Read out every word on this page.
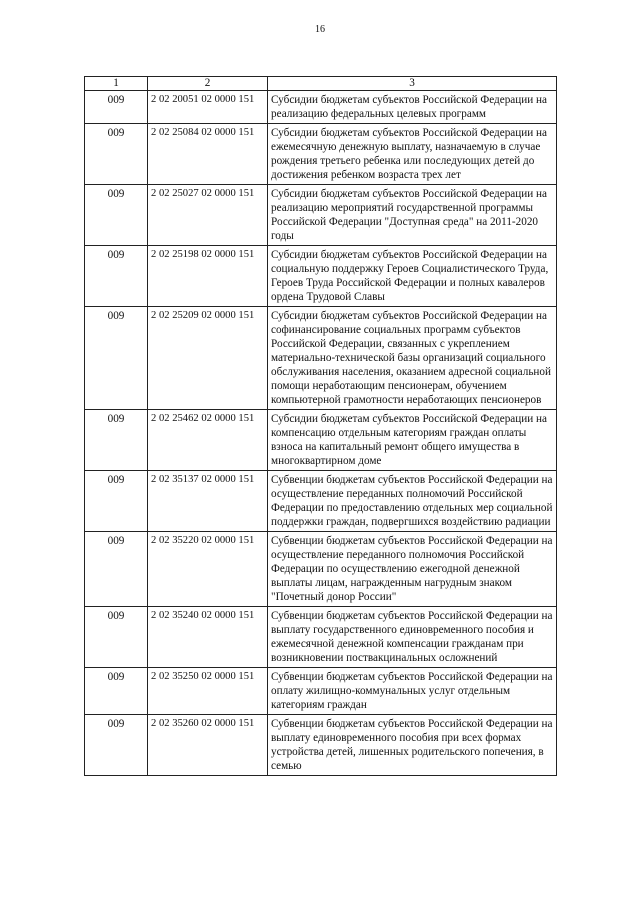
16
1	2	3
009	2 02 20051 02 0000 151	Субсидии бюджетам субъектов Российской Федерации на реализацию федеральных целевых программ
009	2 02 25084 02 0000 151	Субсидии бюджетам субъектов Российской Федерации на ежемесячную денежную выплату, назначаемую в случае рождения третьего ребенка или последующих детей до достижения ребенком возраста трех лет
009	2 02 25027 02 0000 151	Субсидии бюджетам субъектов Российской Федерации на реализацию мероприятий государственной программы Российской Федерации "Доступная среда" на 2011-2020 годы
009	2 02 25198 02 0000 151	Субсидии бюджетам субъектов Российской Федерации на социальную поддержку Героев Социалистического Труда, Героев Труда Российской Федерации и полных кавалеров ордена Трудовой Славы
009	2 02 25209 02 0000 151	Субсидии бюджетам субъектов Российской Федерации на софинансирование социальных программ субъектов Российской Федерации, связанных с укреплением материально-технической базы организаций социального обслуживания населения, оказанием адресной социальной помощи неработающим пенсионерам, обучением компьютерной грамотности неработающих пенсионеров
009	2 02 25462 02 0000 151	Субсидии бюджетам субъектов Российской Федерации на компенсацию отдельным категориям граждан оплаты взноса на капитальный ремонт общего имущества в многоквартирном доме
009	2 02 35137 02 0000 151	Субвенции бюджетам субъектов Российской Федерации на осуществление переданных полномочий Российской Федерации по предоставлению отдельных мер социальной поддержки граждан, подвергшихся воздействию радиации
009	2 02 35220 02 0000 151	Субвенции бюджетам субъектов Российской Федерации на осуществление переданного полномочия Российской Федерации по осуществлению ежегодной денежной выплаты лицам, награжденным нагрудным знаком "Почетный донор России"
009	2 02 35240 02 0000 151	Субвенции бюджетам субъектов Российской Федерации на выплату государственного единовременного пособия и ежемесячной денежной компенсации гражданам при возникновении поствакцинальных осложнений
009	2 02 35250 02 0000 151	Субвенции бюджетам субъектов Российской Федерации на оплату жилищно-коммунальных услуг отдельным категориям граждан
009	2 02 35260 02 0000 151	Субвенции бюджетам субъектов Российской Федерации на выплату единовременного пособия при всех формах устройства детей, лишенных родительского попечения, в семью
